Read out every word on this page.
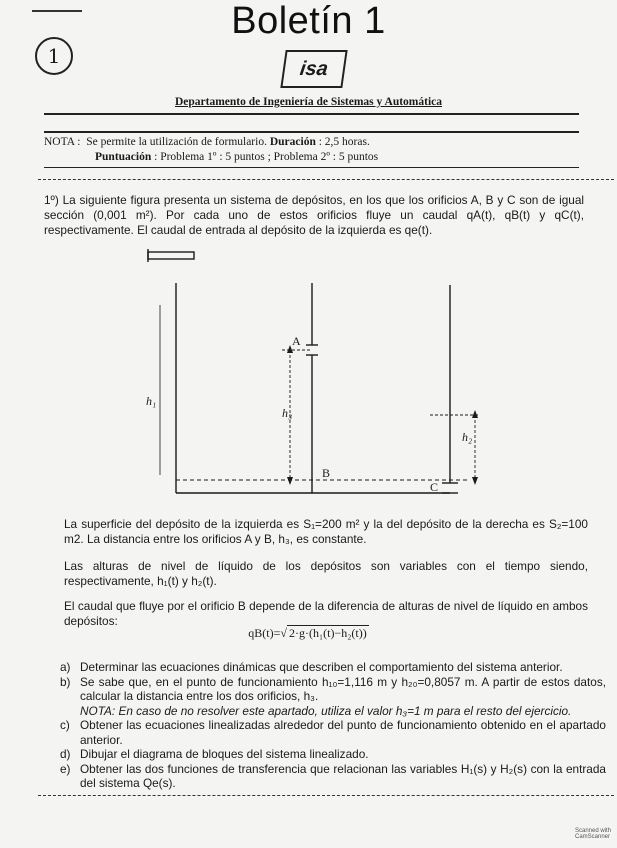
Boletín 1
1
isa
Departamento de Ingeniería de Sistemas y Automática
NOTA : Se permite la utilización de formulario. Duración : 2,5 horas.
Puntuación : Problema 1º : 5 puntos ; Problema 2º : 5 puntos
1º) La siguiente figura presenta un sistema de depósitos, en los que los orificios A, B y C son de igual sección (0,001 m²). Por cada uno de estos orificios fluye un caudal qA(t), qB(t) y qC(t), respectivamente. El caudal de entrada al depósito de la izquierda es qe(t).
A
B
C
h₁
h₃
h₂
La superficie del depósito de la izquierda es S₁=200 m² y la del depósito de la derecha es S₂=100 m2. La distancia entre los orificios A y B, h₃, es constante.
Las alturas de nivel de líquido de los depósitos son variables con el tiempo siendo, respectivamente, h₁(t) y h₂(t).
El caudal que fluye por el orificio B depende de la diferencia de alturas de nivel de líquido en ambos depósitos:
qB(t)=√ 2·g·(h₁(t)−h₂(t))
a) Determinar las ecuaciones dinámicas que describen el comportamiento del sistema anterior.
b) Se sabe que, en el punto de funcionamiento h₁₀=1,116 m y h₂₀=0,8057 m. A partir de estos datos, calcular la distancia entre los dos orificios, h₃.
NOTA: En caso de no resolver este apartado, utiliza el valor h₃=1 m para el resto del ejercicio.
c) Obtener las ecuaciones linealizadas alrededor del punto de funcionamiento obtenido en el apartado anterior.
d) Dibujar el diagrama de bloques del sistema linealizado.
e) Obtener las dos funciones de transferencia que relacionan las variables H₁(s) y H₂(s) con la entrada del sistema Qe(s).
Scanned with CamScanner
